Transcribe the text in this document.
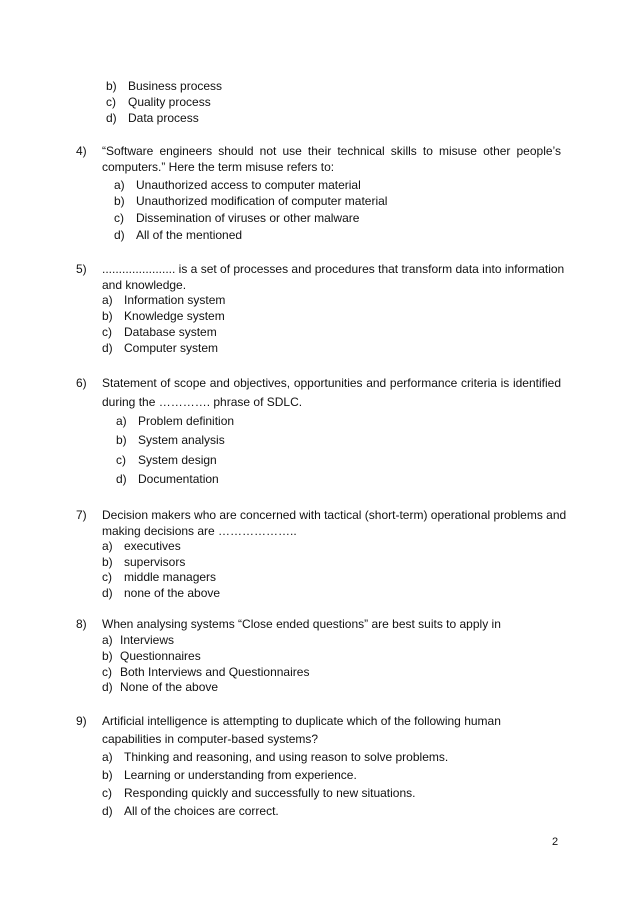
b) Business process
c) Quality process
d) Data process
4) “Software engineers should not use their technical skills to misuse other people’s
computers.” Here the term misuse refers to:
a) Unauthorized access to computer material
b) Unauthorized modification of computer material
c) Dissemination of viruses or other malware
d) All of the mentioned
5) ...................... is a set of processes and procedures that transform data into information
and knowledge.
a) Information system
b) Knowledge system
c) Database system
d) Computer system
6) Statement of scope and objectives, opportunities and performance criteria is identified
during the …………. phrase of SDLC.
a) Problem definition
b) System analysis
c) System design
d) Documentation
7) Decision makers who are concerned with tactical (short-term) operational problems and
making decisions are ………………..
a) executives
b) supervisors
c) middle managers
d) none of the above
8) When analysing systems “Close ended questions” are best suits to apply in
a) Interviews
b) Questionnaires
c) Both Interviews and Questionnaires
d) None of the above
9) Artificial intelligence is attempting to duplicate which of the following human
capabilities in computer-based systems?
a) Thinking and reasoning, and using reason to solve problems.
b) Learning or understanding from experience.
c) Responding quickly and successfully to new situations.
d) All of the choices are correct.
2
